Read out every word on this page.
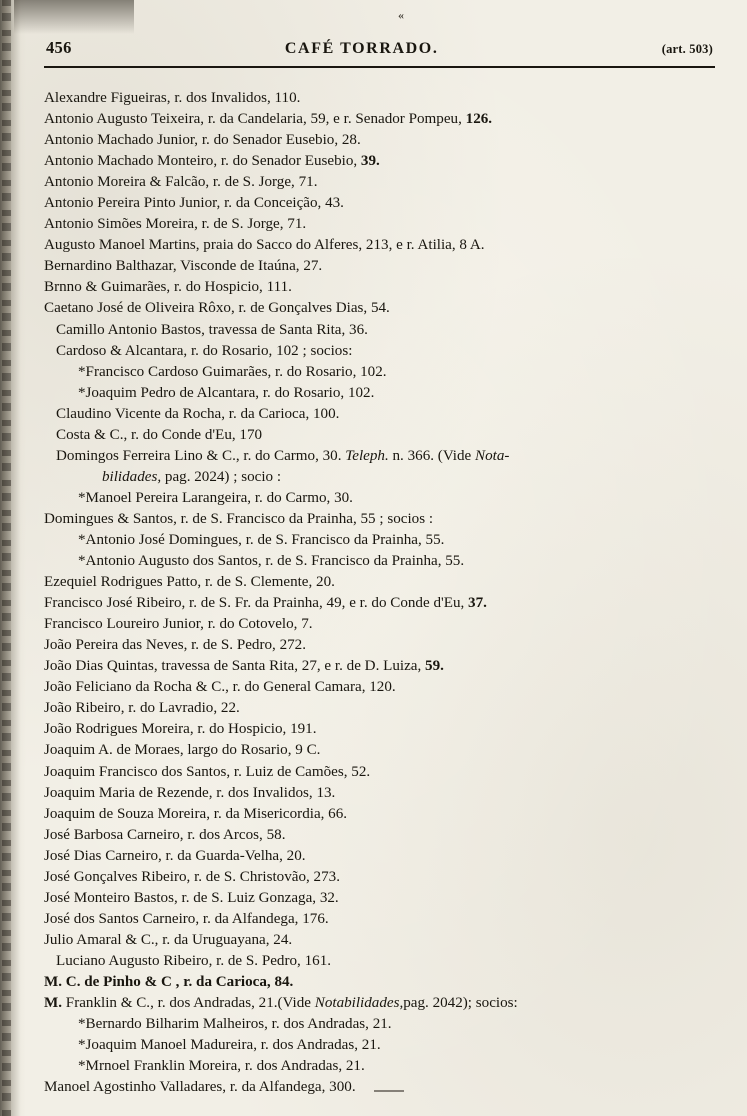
«
456	CAFÉ TORRADO.	(art. 503)
Alexandre Figueiras, r. dos Invalidos, 110.
Antonio Augusto Teixeira, r. da Candelaria, 59, e r. Senador Pompeu, 126.
Antonio Machado Junior, r. do Senador Eusebio, 28.
Antonio Machado Monteiro, r. do Senador Eusebio, 39.
Antonio Moreira & Falcão, r. de S. Jorge, 71.
Antonio Pereira Pinto Junior, r. da Conceição, 43.
Antonio Simões Moreira, r. de S. Jorge, 71.
Augusto Manoel Martins, praia do Sacco do Alferes, 213, e r. Atilia, 8 A.
Bernardino Balthazar, Visconde de Itaúna, 27.
Brnno & Guimarães, r. do Hospicio, 111.
Caetano José de Oliveira Rôxo, r. de Gonçalves Dias, 54.
Camillo Antonio Bastos, travessa de Santa Rita, 36.
Cardoso & Alcantara, r. do Rosario, 102 ; socios:
*Francisco Cardoso Guimarães, r. do Rosario, 102.
*Joaquim Pedro de Alcantara, r. do Rosario, 102.
Claudino Vicente da Rocha, r. da Carioca, 100.
Costa & C., r. do Conde d'Eu, 170
Domingos Ferreira Lino & C., r. do Carmo, 30. Teleph. n. 366. (Vide Nota-
bilidades, pag. 2024) ; socio :
*Manoel Pereira Larangeira, r. do Carmo, 30.
Domingues & Santos, r. de S. Francisco da Prainha, 55 ; socios :
*Antonio José Domingues, r. de S. Francisco da Prainha, 55.
*Antonio Augusto dos Santos, r. de S. Francisco da Prainha, 55.
Ezequiel Rodrigues Patto, r. de S. Clemente, 20.
Francisco José Ribeiro, r. de S. Fr. da Prainha, 49, e r. do Conde d'Eu, 37.
Francisco Loureiro Junior, r. do Cotovelo, 7.
João Pereira das Neves, r. de S. Pedro, 272.
João Dias Quintas, travessa de Santa Rita, 27, e r. de D. Luiza, 59.
João Feliciano da Rocha & C., r. do General Camara, 120.
João Ribeiro, r. do Lavradio, 22.
João Rodrigues Moreira, r. do Hospicio, 191.
Joaquim A. de Moraes, largo do Rosario, 9 C.
Joaquim Francisco dos Santos, r. Luiz de Camões, 52.
Joaquim Maria de Rezende, r. dos Invalidos, 13.
Joaquim de Souza Moreira, r. da Misericordia, 66.
José Barbosa Carneiro, r. dos Arcos, 58.
José Dias Carneiro, r. da Guarda-Velha, 20.
José Gonçalves Ribeiro, r. de S. Christovão, 273.
José Monteiro Bastos, r. de S. Luiz Gonzaga, 32.
José dos Santos Carneiro, r. da Alfandega, 176.
Julio Amaral & C., r. da Uruguayana, 24.
Luciano Augusto Ribeiro, r. de S. Pedro, 161.
M. C. de Pinho & C , r. da Carioca, 84.
M. Franklin & C., r. dos Andradas, 21.(Vide Notabilidades,pag. 2042); socios:
*Bernardo Bilharim Malheiros, r. dos Andradas, 21.
*Joaquim Manoel Madureira, r. dos Andradas, 21.
*Mrnoel Franklin Moreira, r. dos Andradas, 21.
Manoel Agostinho Valladares, r. da Alfandega, 300.
